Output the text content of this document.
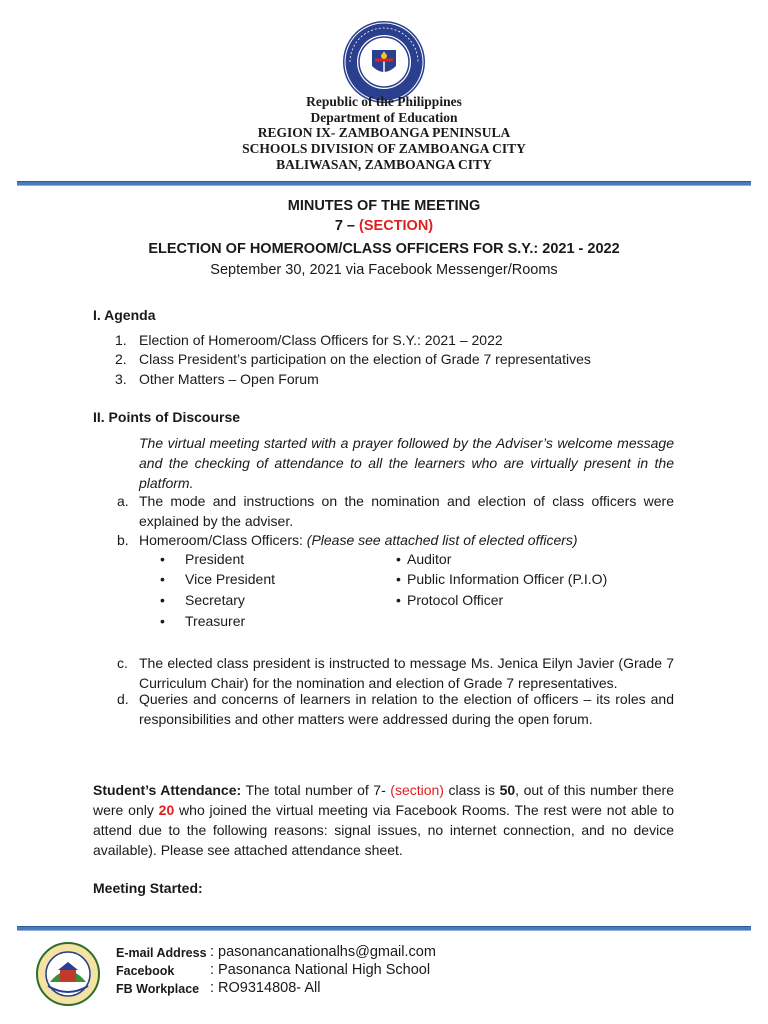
Republic of the Philippines
Department of Education
REGION IX- ZAMBOANGA PENINSULA
SCHOOLS DIVISION OF ZAMBOANGA CITY
BALIWASAN, ZAMBOANGA CITY
MINUTES OF THE MEETING
7 – (SECTION)
ELECTION OF HOMEROOM/CLASS OFFICERS FOR S.Y.: 2021 - 2022
September 30, 2021 via Facebook Messenger/Rooms
I. Agenda
1. Election of Homeroom/Class Officers for S.Y.: 2021 – 2022
2. Class President’s participation on the election of Grade 7 representatives
3. Other Matters – Open Forum
II. Points of Discourse
The virtual meeting started with a prayer followed by the Adviser’s welcome message and the checking of attendance to all the learners who are virtually present in the platform.
a. The mode and instructions on the nomination and election of class officers were explained by the adviser.
b. Homeroom/Class Officers: (Please see attached list of elected officers)
• President
• Vice President
• Secretary
• Treasurer
• Auditor
• Public Information Officer (P.I.O)
• Protocol Officer
c. The elected class president is instructed to message Ms. Jenica Eilyn Javier (Grade 7 Curriculum Chair) for the nomination and election of Grade 7 representatives.
d. Queries and concerns of learners in relation to the election of officers – its roles and responsibilities and other matters were addressed during the open forum.
Student’s Attendance: The total number of 7- (section) class is 50, out of this number there were only 20 who joined the virtual meeting via Facebook Rooms. The rest were not able to attend due to the following reasons: signal issues, no internet connection, and no device available). Please see attached attendance sheet.
Meeting Started:
E-mail Address : pasonancanationalhs@gmail.com
Facebook : Pasonanca National High School
FB Workplace : RO9314808- All
